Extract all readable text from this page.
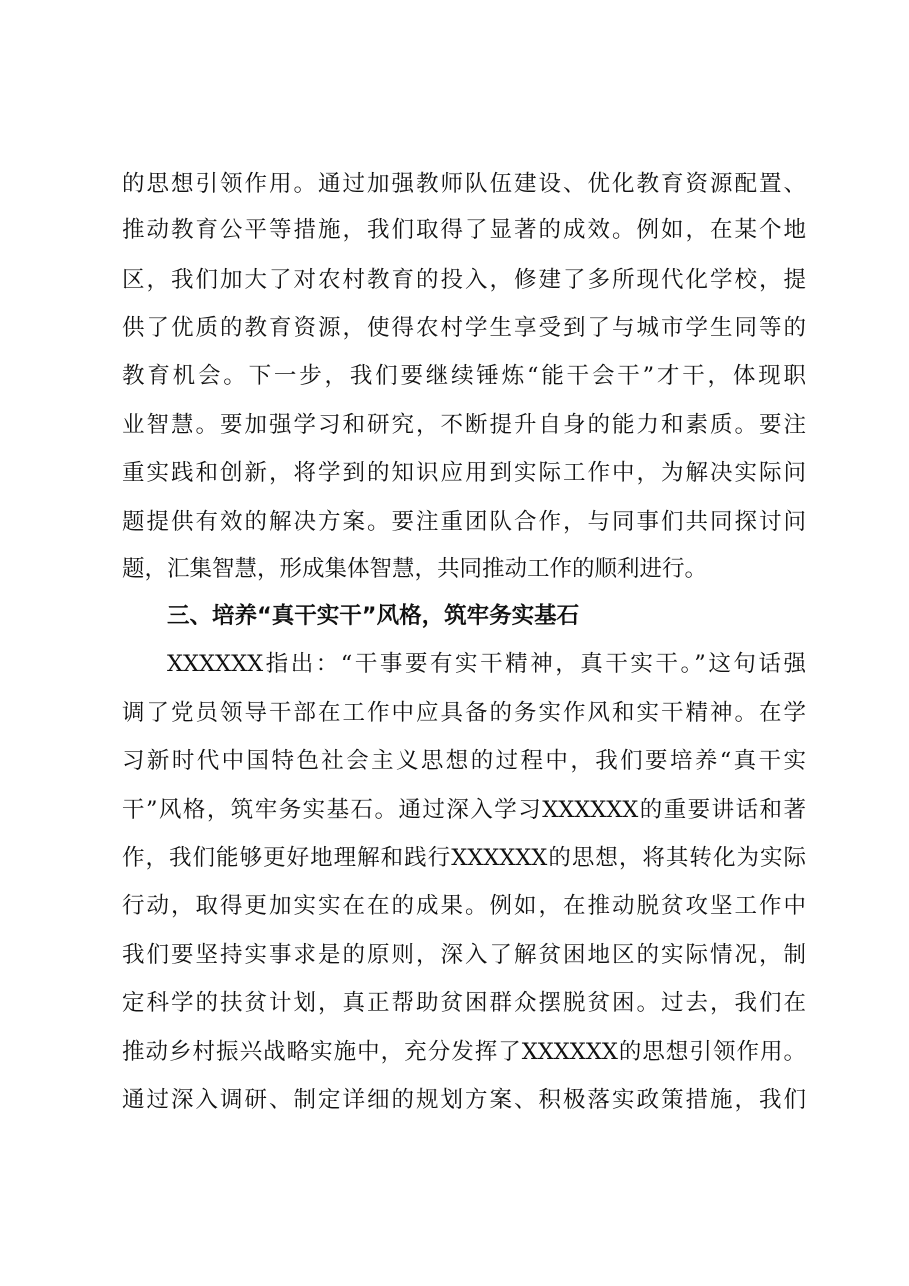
的思想引领作用。通过加强教师队伍建设、优化教育资源配置、
推动教育公平等措施，我们取得了显著的成效。例如，在某个地
区，我们加大了对农村教育的投入，修建了多所现代化学校，提
供了优质的教育资源，使得农村学生享受到了与城市学生同等的
教育机会。下一步，我们要继续锤炼“能干会干”才干，体现职
业智慧。要加强学习和研究，不断提升自身的能力和素质。要注
重实践和创新，将学到的知识应用到实际工作中，为解决实际问
题提供有效的解决方案。要注重团队合作，与同事们共同探讨问
题，汇集智慧，形成集体智慧，共同推动工作的顺利进行。
三、培养“真干实干”风格，筑牢务实基石
XXXXXX指出：“干事要有实干精神，真干实干。”这句话强
调了党员领导干部在工作中应具备的务实作风和实干精神。在学
习新时代中国特色社会主义思想的过程中，我们要培养“真干实
干”风格，筑牢务实基石。通过深入学习XXXXXX的重要讲话和著
作，我们能够更好地理解和践行XXXXXX的思想，将其转化为实际
行动，取得更加实实在在的成果。例如，在推动脱贫攻坚工作中
我们要坚持实事求是的原则，深入了解贫困地区的实际情况，制
定科学的扶贫计划，真正帮助贫困群众摆脱贫困。过去，我们在
推动乡村振兴战略实施中，充分发挥了XXXXXX的思想引领作用。
通过深入调研、制定详细的规划方案、积极落实政策措施，我们
